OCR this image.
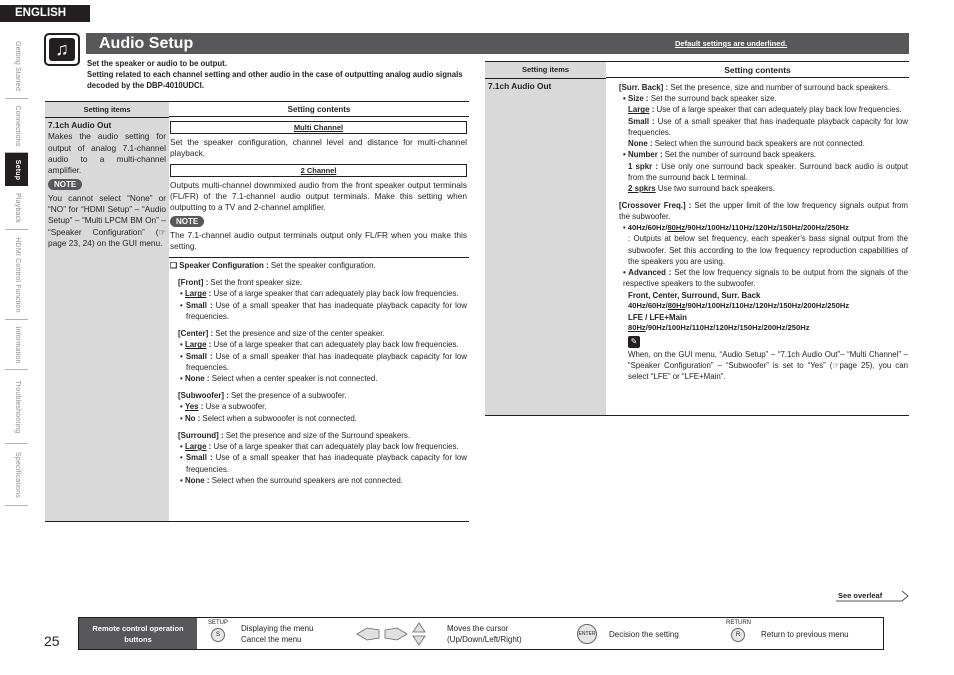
ENGLISH
Getting Started
Connections
Setup
Playback
HDMI Control Function
Information
Troubleshooting
Specifications
♫	Audio Setup	Default settings are underlined.

Set the speaker or audio to be output.

Setting related to each channel setting and other audio in the case of outputting analog audio signals decoded by the DBP-4010UDCI.

Setting items	Setting contents

7.1ch Audio Out

Makes the audio setting for output of analog 7.1-channel audio to a multi-channel amplifier.

NOTE

You cannot select “None” or “NO” for “HDMI Setup” – “Audio Setup” – “Multi LPCM BM On” – “Speaker Configuration” (☞page 23, 24) on the GUI menu.

Multi Channel

Set the speaker configuration, channel level and distance for multi-channel playback.

2 Channel

Outputs multi-channel downmixed audio from the front speaker output terminals (FL/FR) of the 7.1-channel audio output terminals. Make this setting when outputting to a TV and 2-channel amplifier.

NOTE

The 7.1-channel audio output terminals output only FL/FR when you make this setting.

❑ Speaker Configuration : Set the speaker configuration.

[Front] : Set the front speaker size.

• Large : Use of a large speaker that can adequately play back low frequencies.

• Small : Use of a small speaker that has inadequate playback capacity for low frequencies.

[Center] : Set the presence and size of the center speaker.

• Large : Use of a large speaker that can adequately play back low frequencies.

• Small : Use of a small speaker that has inadequate playback capacity for low frequencies.

• None : Select when a center speaker is not connected.

[Subwoofer] : Set the presence of a subwoofer.

• Yes : Use a subwoofer.

• No : Select when a subwooofer is not connected.

[Surround] : Set the presence and size of the Surround speakers.

• Large : Use of a large speaker that can adequately play back low frequencies.

• Small : Use of a small speaker that has inadequate playback capacity for low frequencies.

• None : Select when the surround speakers are not connected.

Setting items	Setting contents

7.1ch Audio Out	[Surr. Back] : Set the presence, size and number of surround back speakers.

• Size : Set the surround back speaker size.

Large : Use of a large speaker that can adequately play back low frequencies.

Small : Use of a small speaker that has inadequate playback capacity for low frequencies.

None : Select when the surround back speakers are not connected.

• Number : Set the number of surround back speakers.

1 spkr : Use only one surround back speaker. Surround back audio is output from the surround back L terminal.

2 spkrs Use two surround back speakers.

[Crossover Freq.] : Set the upper limit of the low frequency signals output from the subwoofer.

• 40Hz/60Hz/80Hz/90Hz/100Hz/110Hz/120Hz/150Hz/200Hz/250Hz

: Outputs at below set frequency, each speaker’s bass signal output from the subwoofer. Set this according to the low frequency reproduction capabilities of the speakers you are using.

• Advanced : Set the low frequency signals to be output from the signals of the respective speakers to the subwoofer.

Front, Center, Surround, Surr. Back

40Hz/60Hz/80Hz/90Hz/100Hz/110Hz/120Hz/150Hz/200Hz/250Hz

LFE / LFE+Main

80Hz/90Hz/100Hz/110Hz/120Hz/150Hz/200Hz/250Hz

✎

When, on the GUI menu, “Audio Setup” – “7.1ch Audio Out”– “Multi Channel” – “Speaker Configuration” – “Subwoofer” is set to “Yes” (☞page 25), you can select “LFE” or “LFE+Main”.

See overleaf
25

Remote control operation

buttons

SETUP
S

Displaying the menu

Cancel the menu

Moves the cursor

(Up/Down/Left/Right)

ENTER Decision the setting
RETURN
R	Return to previous menu
